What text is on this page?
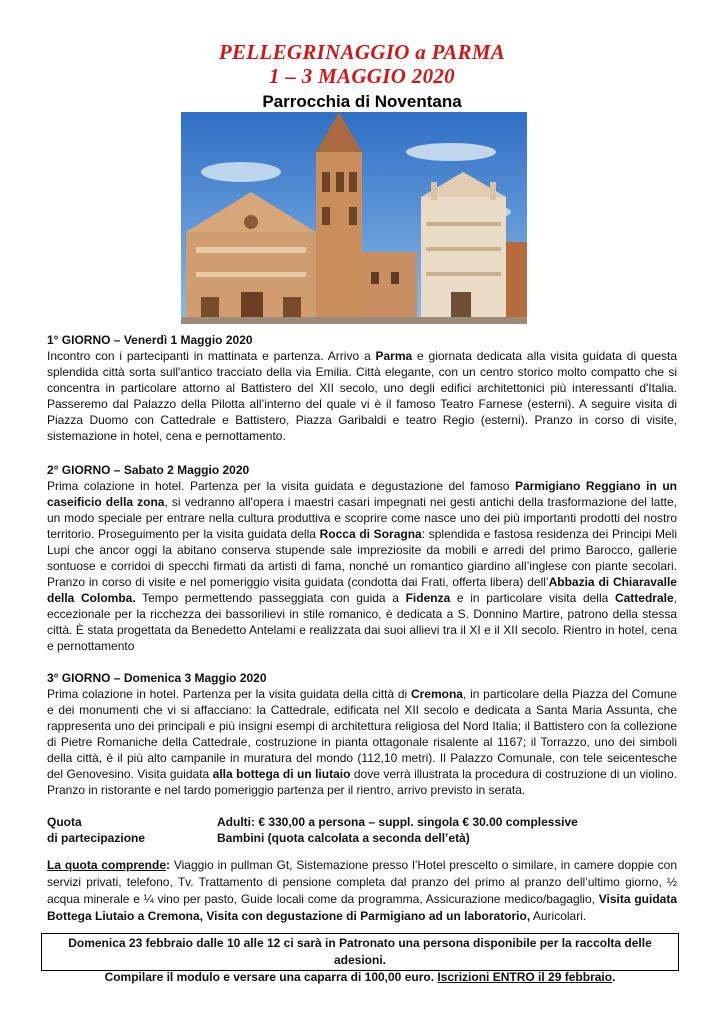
PELLEGRINAGGIO a PARMA
1 – 3 MAGGIO 2020
Parrocchia di Noventana
1° GIORNO – Venerdì 1 Maggio 2020

Incontro con i partecipanti in mattinata e partenza. Arrivo a Parma e giornata dedicata alla visita guidata di questa splendida città sorta sull'antico tracciato della via Emilia. Città elegante, con un centro storico molto compatto che si concentra in particolare attorno al Battistero del XII secolo, uno degli edifici architettonici più interessanti d'Italia. Passeremo dal Palazzo della Pilotta all’interno del quale vi è il famoso Teatro Farnese (esterni). A seguire visita di Piazza Duomo con Cattedrale e Battistero, Piazza Garibaldi e teatro Regio (esterni). Pranzo in corso di visite, sistemazione in hotel, cena e pernottamento.

2° GIORNO – Sabato 2 Maggio 2020

Prima colazione in hotel. Partenza per la visita guidata e degustazione del famoso Parmigiano Reggiano in un caseificio della zona, si vedranno all'opera i maestri casari impegnati nei gesti antichi della trasformazione del latte, un modo speciale per entrare nella cultura produttiva e scoprire come nasce uno dei più importanti prodotti del nostro territorio. Proseguimento per la visita guidata della Rocca di Soragna: splendida e fastosa residenza dei Principi Meli Lupi che ancor oggi la abitano conserva stupende sale impreziosite da mobili e arredi del primo Barocco, gallerie sontuose e corridoi di specchi firmati da artisti di fama, nonché un romantico giardino all’inglese con piante secolari. Pranzo in corso di visite e nel pomeriggio visita guidata (condotta dai Frati, offerta libera) dell’Abbazia di Chiaravalle della Colomba. Tempo permettendo passeggiata con guida a Fidenza e in particolare visita della Cattedrale, eccezionale per la ricchezza dei bassorilievi in stile romanico, è dedicata a S. Donnino Martire, patrono della stessa città. È stata progettata da Benedetto Antelami e realizzata dai suoi allievi tra il XI e il XII secolo. Rientro in hotel, cena e pernottamento

3° GIORNO – Domenica 3 Maggio 2020

Prima colazione in hotel. Partenza per la visita guidata della città di Cremona, in particolare della Piazza del Comune e dei monumenti che vi si affacciano: la Cattedrale, edificata nel XII secolo e dedicata a Santa Maria Assunta, che rappresenta uno dei principali e più insigni esempi di architettura religiosa del Nord Italia; il Battistero con la collezione di Pietre Romaniche della Cattedrale, costruzione in pianta ottagonale risalente al 1167; il Torrazzo, uno dei simboli della città, è il più alto campanile in muratura del mondo (112,10 metri). Il Palazzo Comunale, con tele seicentesche del Genovesino. Visita guidata alla bottega di un liutaio dove verrà illustrata la procedura di costruzione di un violino. Pranzo in ristorante e nel tardo pomeriggio partenza per il rientro, arrivo previsto in serata.

Quota
di partecipazione
Adulti: € 330,00 a persona – suppl. singola € 30.00 complessive
Bambini (quota calcolata a seconda dell’età)
La quota comprende: Viaggio in pullman Gt, Sistemazione presso l’Hotel prescelto o similare, in camere doppie con servizi privati, telefono, Tv. Trattamento di pensione completa dal pranzo del primo al pranzo dell’ultimo giorno, ½ acqua minerale e ¼ vino per pasto, Guide locali come da programma, Assicurazione medico/bagaglio, Visita guidata Bottega Liutaio a Cremona, Visita con degustazione di Parmigiano ad un laboratorio, Auricolari.
Domenica 23 febbraio dalle 10 alle 12 ci sarà in Patronato una persona disponibile per la raccolta delle adesioni.
Compilare il modulo e versare una caparra di 100,00 euro. Iscrizioni ENTRO il 29 febbraio.
